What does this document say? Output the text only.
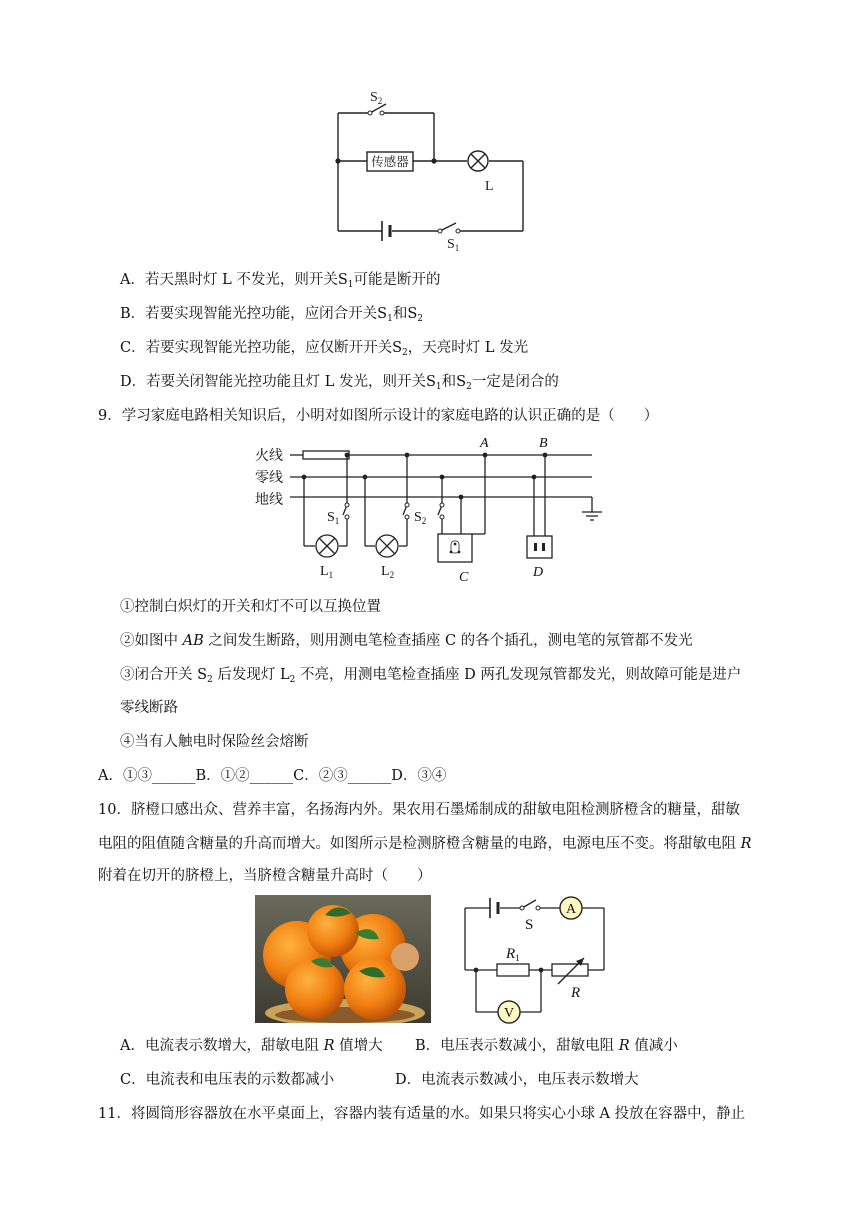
$S_2$
传感器
L
$S_1$
A．若天黑时灯 L 不发光，则开关$S_1$可能是断开的
B．若要实现智能光控功能，应闭合开关$S_1$和$S_2$
C．若要实现智能光控功能，应仅断开开关$S_2$，天亮时灯 L 发光
D．若要关闭智能光控功能且灯 L 发光，则开关$S_1$和$S_2$一定是闭合的
9．学习家庭电路相关知识后，小明对如图所示设计的家庭电路的认识正确的是（　　）
火线
零线
地线
A	B
$S_1$	$S_2$
$L_1$	$L_2$	C	D
①控制白炽灯的开关和灯不可以互换位置
②如图中 AB 之间发生断路，则用测电笔检查插座 C 的各个插孔，测电笔的氖管都不发光
③闭合开关 $S_2$ 后发现灯 $L_2$ 不亮，用测电笔检查插座 D 两孔发现氖管都发光，则故障可能是进户
零线断路
④当有人触电时保险丝会熔断
A．①③______B．①②______C．②③______D．③④
10．脐橙口感出众、营养丰富，名扬海内外。果农用石墨烯制成的甜敏电阻检测脐橙含的糖量，甜敏
电阻的阻值随含糖量的升高而增大。如图所示是检测脐橙含糖量的电路，电源电压不变。将甜敏电阻 R
附着在切开的脐橙上，当脐橙含糖量升高时（　　）
S
A
$R_1$
R
V
A．电流表示数增大，甜敏电阻 R 值增大 B．电压表示数减小，甜敏电阻 R 值减小
C．电流表和电压表的示数都减小	D．电流表示数减小，电压表示数增大
11．将圆筒形容器放在水平桌面上，容器内装有适量的水。如果只将实心小球 A 投放在容器中，静止
